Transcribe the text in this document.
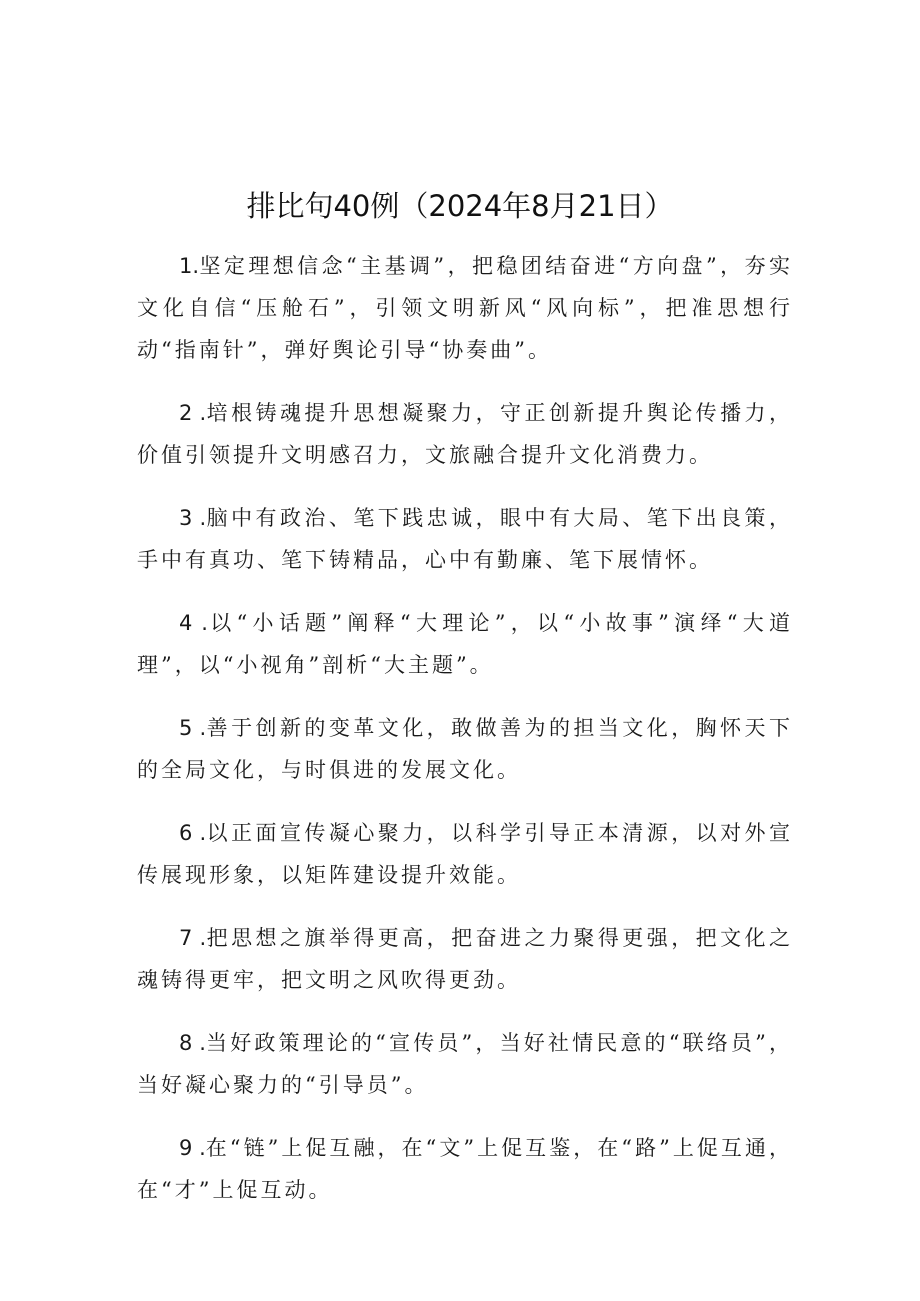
排比句40例（2024年8月21日）

1.坚定理想信念“主基调”，把稳团结奋进“方向盘”，夯实文化自信“压舱石”，引领文明新风“风向标”，把准思想行动“指南针”，弹好舆论引导“协奏曲”。

2 .培根铸魂提升思想凝聚力，守正创新提升舆论传播力，价值引领提升文明感召力，文旅融合提升文化消费力。

3 .脑中有政治、笔下践忠诚，眼中有大局、笔下出良策，手中有真功、笔下铸精品，心中有勤廉、笔下展情怀。

4 .以“小话题”阐释“大理论”，以“小故事”演绎“大道理”，以“小视角”剖析“大主题”。

5 .善于创新的变革文化，敢做善为的担当文化，胸怀天下的全局文化，与时俱进的发展文化。

6 .以正面宣传凝心聚力，以科学引导正本清源，以对外宣传展现形象，以矩阵建设提升效能。

7 .把思想之旗举得更高，把奋进之力聚得更强，把文化之魂铸得更牢，把文明之风吹得更劲。

8 .当好政策理论的“宣传员”，当好社情民意的“联络员”，当好凝心聚力的“引导员”。

9 .在“链”上促互融，在“文”上促互鉴，在“路”上促互通，在“才”上促互动。
